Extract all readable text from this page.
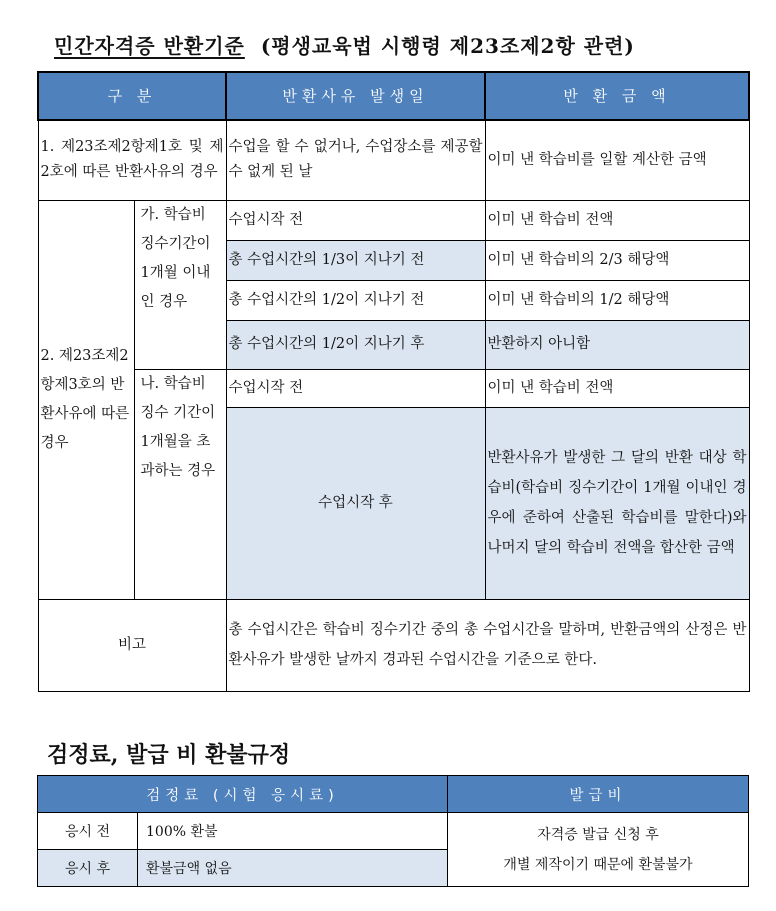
민간자격증 반환기준 (평생교육법 시행령 제23조제2항 관련)
구 분		반환사유 발생일	반 환 금 액
1. 제23조제2항제1호 및 제2호에 따른 반환사유의 경우		수업을 할 수 없거나, 수업장소를 제공할 수 없게 된 날	이미 낸 학습비를 일할 계산한 금액
2. 제23조제2항제3호의 반환사유에 따른 경우	가. 학습비 징수기간이 1개월 이내인 경우	수업시작 전	이미 낸 학습비 전액
		총 수업시간의 1/3이 지나기 전	이미 낸 학습비의 2/3 해당액
		총 수업시간의 1/2이 지나기 전	이미 낸 학습비의 1/2 해당액
		총 수업시간의 1/2이 지나기 후	반환하지 아니함
	나. 학습비 징수 기간이 1개월을 초과하는 경우	수업시작 전	이미 낸 학습비 전액
		수업시작 후	반환사유가 발생한 그 달의 반환 대상 학습비(학습비 징수기간이 1개월 이내인 경우에 준하여 산출된 학습비를 말한다)와 나머지 달의 학습비 전액을 합산한 금액
비고		총 수업시간은 학습비 징수기간 중의 총 수업시간을 말하며, 반환금액의 산정은 반환사유가 발생한 날까지 경과된 수업시간을 기준으로 한다.	
검정료, 발급 비 환불규정
검정료 (시험 응시료)		발급비
응시 전	100% 환불	자격증 발급 신청 후
개별 제작이기 때문에 환불불가

응시 후	환불금액 없음	
